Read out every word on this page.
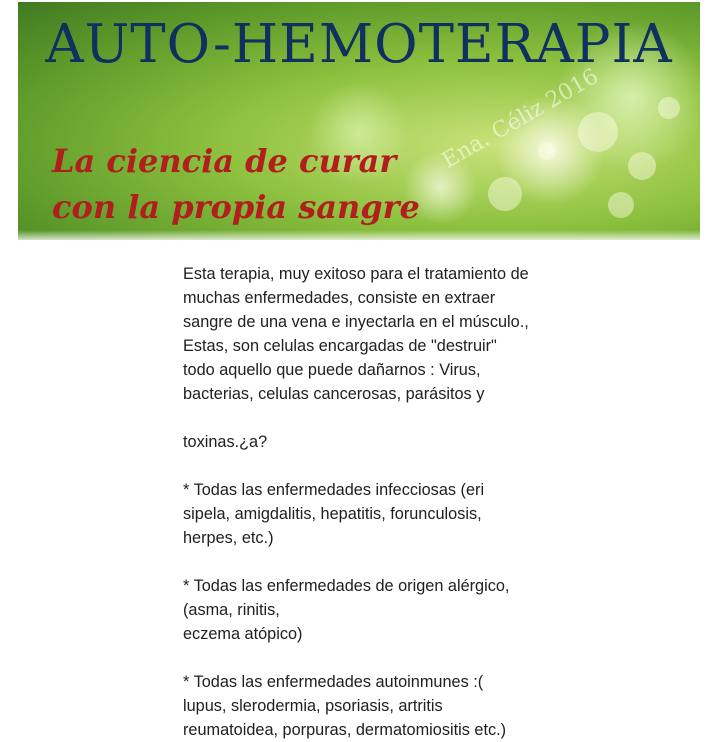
AUTO-HEMOTERAPIA
La ciencia de curar
con la propia sangre
Ena. Céliz 2016

Esta terapia, muy exitoso para el tratamiento de
muchas enfermedades, consiste en extraer
sangre de una vena e inyectarla en el músculo.,
Estas, son celulas encargadas de "destruir"
todo aquello que puede dañarnos : Virus,
bacterias, celulas cancerosas, parásitos y

toxinas.¿a?

* Todas las enfermedades infecciosas (eri
sipela, amigdalitis, hepatitis, forunculosis,
herpes, etc.)

* Todas las enfermedades de origen alérgico,
(asma, rinitis,
eczema atópico)

* Todas las enfermedades autoinmunes :(
lupus, slerodermia, psoriasis, artritis
reumatoidea, porpuras, dermatomiositis etc.)
